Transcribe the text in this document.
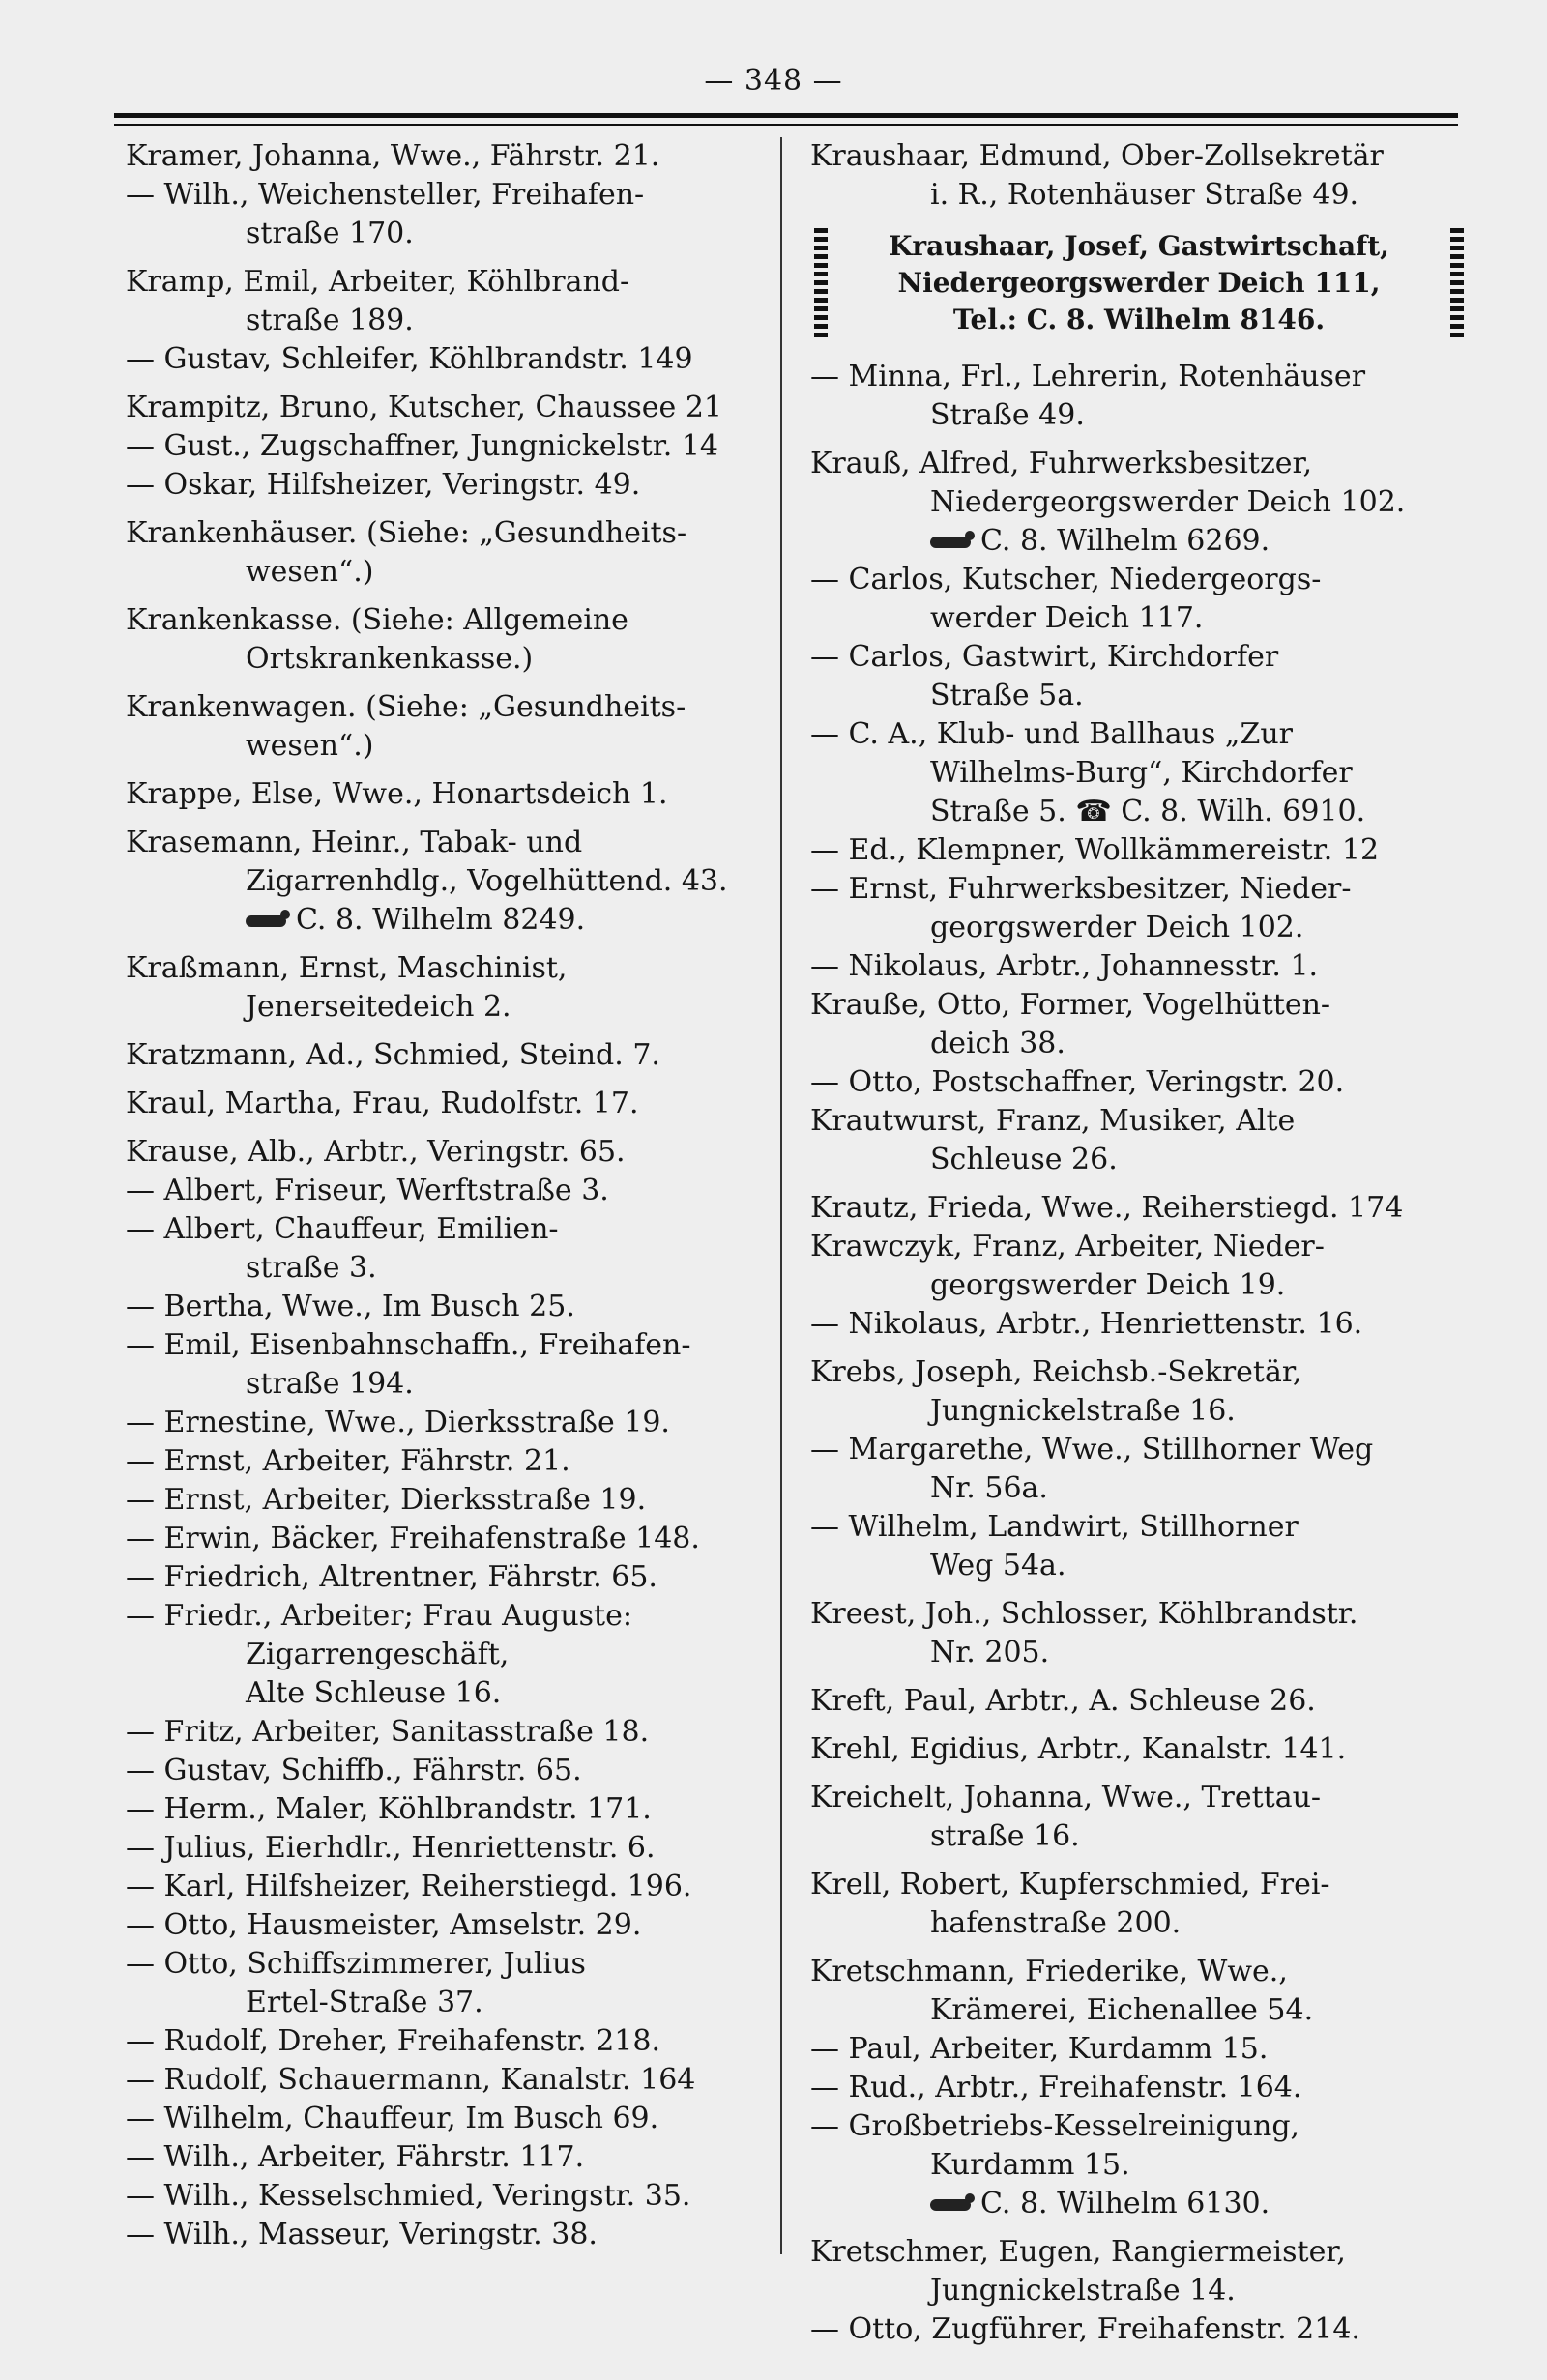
— 348 —
Kramer, Johanna, Wwe., Fährstr. 21.
— Wilh., Weichensteller, Freihafen-
straße 170.
Kramp, Emil, Arbeiter, Köhlbrand-
straße 189.
— Gustav, Schleifer, Köhlbrandstr. 149
Krampitz, Bruno, Kutscher, Chaussee 21
— Gust., Zugschaffner, Jungnickelstr. 14
— Oskar, Hilfsheizer, Veringstr. 49.
Krankenhäuser. (Siehe: „Gesundheits-
wesen“.)
Krankenkasse. (Siehe: Allgemeine
Ortskrankenkasse.)
Krankenwagen. (Siehe: „Gesundheits-
wesen“.)
Krappe, Else, Wwe., Honartsdeich 1.
Krasemann, Heinr., Tabak- und
Zigarrenhdlg., Vogelhüttend. 43.
C. 8. Wilhelm 8249.
Kraßmann, Ernst, Maschinist,
Jenerseitedeich 2.
Kratzmann, Ad., Schmied, Steind. 7.
Kraul, Martha, Frau, Rudolfstr. 17.
Krause, Alb., Arbtr., Veringstr. 65.
— Albert, Friseur, Werftstraße 3.
— Albert, Chauffeur, Emilien-
straße 3.
— Bertha, Wwe., Im Busch 25.
— Emil, Eisenbahnschaffn., Freihafen-
straße 194.
— Ernestine, Wwe., Dierksstraße 19.
— Ernst, Arbeiter, Fährstr. 21.
— Ernst, Arbeiter, Dierksstraße 19.
— Erwin, Bäcker, Freihafenstraße 148.
— Friedrich, Altrentner, Fährstr. 65.
— Friedr., Arbeiter; Frau Auguste:
Zigarrengeschäft,
Alte Schleuse 16.
— Fritz, Arbeiter, Sanitasstraße 18.
— Gustav, Schiffb., Fährstr. 65.
— Herm., Maler, Köhlbrandstr. 171.
— Julius, Eierhdlr., Henriettenstr. 6.
— Karl, Hilfsheizer, Reiherstiegd. 196.
— Otto, Hausmeister, Amselstr. 29.
— Otto, Schiffszimmerer, Julius
Ertel-Straße 37.
— Rudolf, Dreher, Freihafenstr. 218.
— Rudolf, Schauermann, Kanalstr. 164
— Wilhelm, Chauffeur, Im Busch 69.
— Wilh., Arbeiter, Fährstr. 117.
— Wilh., Kesselschmied, Veringstr. 35.
— Wilh., Masseur, Veringstr. 38.
Kraushaar, Edmund, Ober-Zollsekretär
i. R., Rotenhäuser Straße 49.
Kraushaar, Josef, Gastwirtschaft,
Niedergeorgswerder Deich 111,
Tel.: C. 8. Wilhelm 8146.
— Minna, Frl., Lehrerin, Rotenhäuser
Straße 49.
Krauß, Alfred, Fuhrwerksbesitzer,
Niedergeorgswerder Deich 102.
C. 8. Wilhelm 6269.
— Carlos, Kutscher, Niedergeorgs-
werder Deich 117.
— Carlos, Gastwirt, Kirchdorfer
Straße 5a.
— C. A., Klub- und Ballhaus „Zur
Wilhelms-Burg“, Kirchdorfer
Straße 5. ☎ C. 8. Wilh. 6910.
— Ed., Klempner, Wollkämmereistr. 12
— Ernst, Fuhrwerksbesitzer, Nieder-
georgswerder Deich 102.
— Nikolaus, Arbtr., Johannesstr. 1.
Krauße, Otto, Former, Vogelhütten-
deich 38.
— Otto, Postschaffner, Veringstr. 20.
Krautwurst, Franz, Musiker, Alte
Schleuse 26.
Krautz, Frieda, Wwe., Reiherstiegd. 174
Krawczyk, Franz, Arbeiter, Nieder-
georgswerder Deich 19.
— Nikolaus, Arbtr., Henriettenstr. 16.
Krebs, Joseph, Reichsb.-Sekretär,
Jungnickelstraße 16.
— Margarethe, Wwe., Stillhorner Weg
Nr. 56a.
— Wilhelm, Landwirt, Stillhorner
Weg 54a.
Kreest, Joh., Schlosser, Köhlbrandstr.
Nr. 205.
Kreft, Paul, Arbtr., A. Schleuse 26.
Krehl, Egidius, Arbtr., Kanalstr. 141.
Kreichelt, Johanna, Wwe., Trettau-
straße 16.
Krell, Robert, Kupferschmied, Frei-
hafenstraße 200.
Kretschmann, Friederike, Wwe.,
Krämerei, Eichenallee 54.
— Paul, Arbeiter, Kurdamm 15.
— Rud., Arbtr., Freihafenstr. 164.
— Großbetriebs-Kesselreinigung,
Kurdamm 15.
C. 8. Wilhelm 6130.
Kretschmer, Eugen, Rangiermeister,
Jungnickelstraße 14.
— Otto, Zugführer, Freihafenstr. 214.
